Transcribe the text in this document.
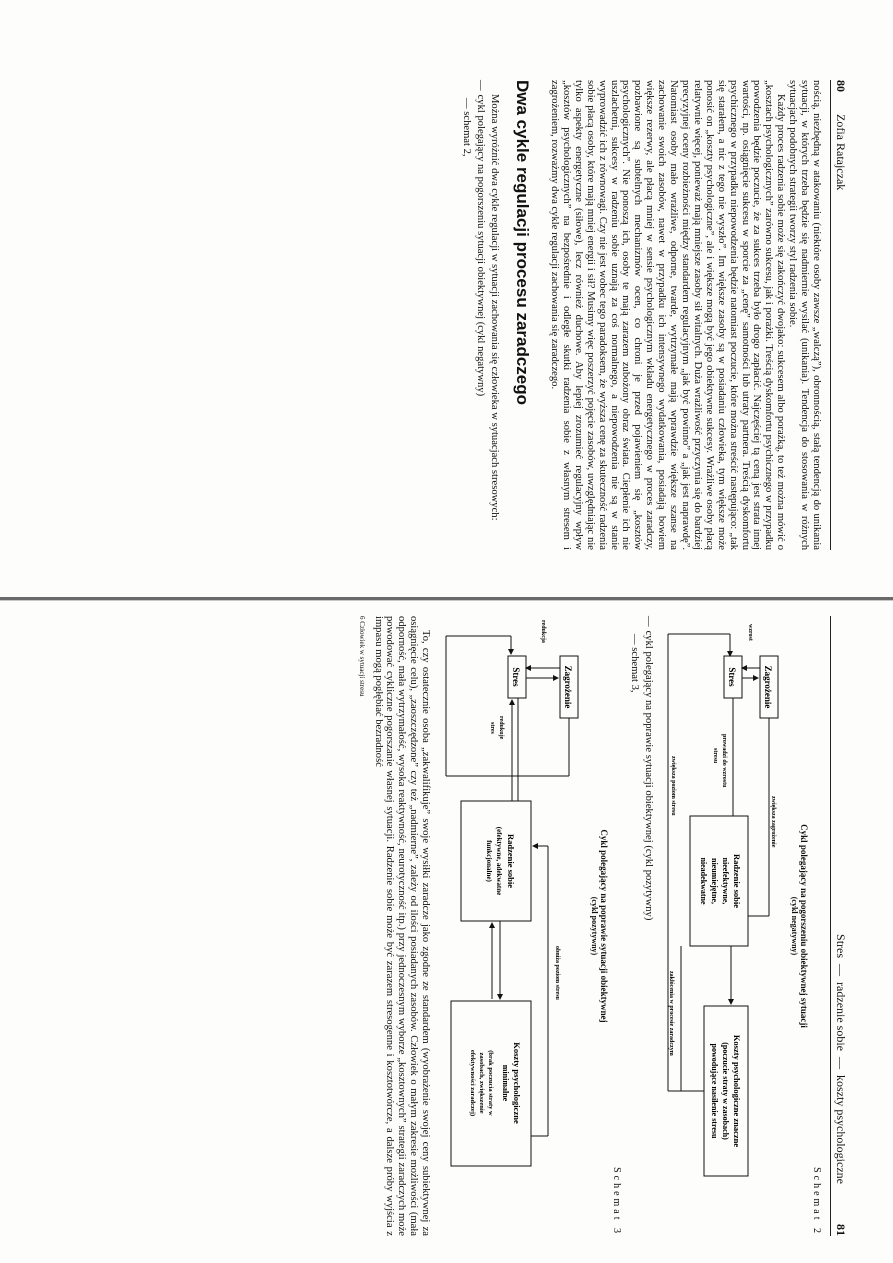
80
Zofia Ratajczak

nością, niezbędną w atakowaniu (niektóre osoby zawsze „walczą”), obronnością, stałą tendencją do unikania sytuacji, w których trzeba będzie się nadmiernie wysilać (unikania). Tendencja do stosowania w różnych sytuacjach podobnych strategii tworzy styl radzenia sobie.

Każdy proces radzenia sobie może się zakończyć dwojako: sukcesem albo porażką, to też można mówić o „kosztach psychologicznych” zarówno sukcesu, jak i porażki. Treścią dyskomfortu psychicznego w przypadku powodzenia będzie poczucie, że za sukces trzeba było drogo zapłacić. Najczęściej tą ceną jest strata innej wartości, np. osiągnięcie sukcesu w sporcie za „cenę” samotności lub utraty partnera. Treścią dyskomfortu psychicznego w przypadku niepowodzenia będzie natomiast poczucie, które można streścić następująco: „tak się starałem, a nic z tego nie wyszło”. Im większe zasoby są w posiadaniu człowieka, tym większe może ponosić on „koszty psychologiczne”, ale i większe mogą być jego obiektywne sukcesy. Wrażliwe osoby płacą relatywnie więcej, ponieważ mają mniejsze zasoby sił witalnych. Duża wrażliwość przyczynia się do bardziej precyzyjnej oceny rozbieżności między standardem regulacyjnym „jak być powinno” a „jak jest naprawdę”. Natomiast osoby mało wrażliwe, odporne, twarde, wytrzymałe mają wprawdzie większe szanse na zachowanie swoich zasobów, nawet w przypadku ich intensywnego wydatkowania, posiadają bowiem większe rezerwy, ale płacą mniej w sensie psychologicznym wkładu energetycznego w proces zaradczy, pozbawione są subtelnych mechanizmów ocen, co chroni je przed pojawieniem się „kosztów psychologicznych”. Nie ponoszą ich, osoby te mają zarazem zubożony obraz świata. Ciepłenie ich nie uszlachetni, sukcesy w radzeniu sobie uznają za coś normalnego, a niepowodzenia nie są w stanie wyprowadzić ich z równowagi. Czy nie jest wobec tego paradoksem, że wyższa cenę za skuteczność radzenia sobie płacą osoby, które mają mniej energii i sił? Musimy więc poszerzyć pojęcie zasobów, uwzględniając nie tylko aspekty energetyczne (siłowe), lecz również duchowe. Aby lepiej zrozumieć regulacyjny wpływ „kosztów psychologicznych” na bezpośrednie i odległe skutki radzenia sobie z własnym stresem i zagrożeniem, rozważmy dwa cykle regulacji zachowania się zaradczego.

Dwa cykle regulacji procesu zaradczego

Można wyróżnić dwa cykle regulacji w sytuacji zachowania się człowieka w sytuacjach stresowych:

—cykl polegający na pogorszeniu sytuacji obiektywnej (cykl negatywny)
— schemat 2,
Stres
—
radzenie sobie
—
koszty psychologiczne
81
Schemat 2
Cykl polegający na pogorszeniu obiektywnej sytuacji
(cykl negatywny)
Zagrożenie
Stres
Radzenie sobie
nieefektywne,
nieumiejętne,
nieadekwatne
Koszty psychologiczne znaczne
(poczucie straty w zasobach)
powodujące nasilenie stresu
zwiększa zagrożenie
wzrost
prowadzi do wzrostu
stresu
zakłócenia w procesie zaradczym
zwiększa poziom stresu
—cykl polegający na poprawie sytuacji obiektywnej (cykl pozytywny)
— schemat 3,
Schemat 3
Cykl polegający na poprawie sytuacji obiektywnej
(cykl pozytywny)
Zagrożenie
Stres
redukcja
Radzenie sobie
(efektywne, adekwatne
funkcjonalne)
Koszty psychologiczne
minimalne
(brak poczucia straty w
zasobach, zwiększenie
efektywności zaradczej)
redukuje
stres
obniża poziom stresu

To, czy ostatecznie osoba „zakwalifikuje” swoje wysiłki zaradcze jako zgodne ze standardem (wyobrażenie swojej ceny subiektywnej za osiągnięcie celu), „zaoszczędzone” czy też „nadmierne”, zależy od ilości posiadanych zasobów. Człowiek o małym zakresie możliwości (mała odporność, mała wytrzymałość, wysoka reaktywność, neurotyczność itp.) przy jednoczesnym wyborze „kosztownych” strategii zaradczych może powodować cykliczne pogorszanie własnej sytuacji. Radzenie sobie może być zarazem stresogenne i kosztotwórcze, a dalsze próby wyjścia z impasu mogą pogłębiać bezradność

6 Człowiek w sytuacji stresu
